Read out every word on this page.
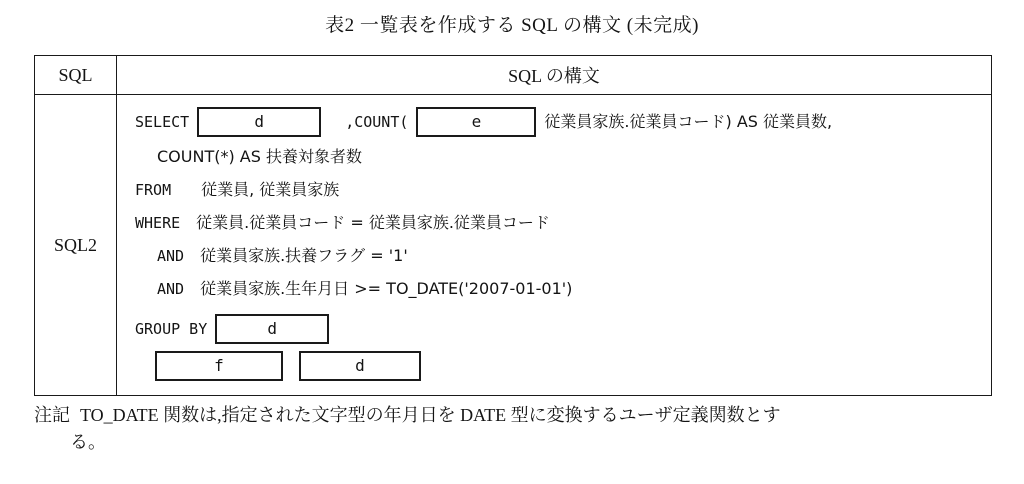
表2 一覧表を作成する SQL の構文 (未完成)
SQL	SQL の構文
SQL2	
SELECT	d	,COUNT(	e	従業員家族.従業員コード) AS 従業員数,
COUNT(*) AS 扶養対象者数
FROM 従業員, 従業員家族
WHERE 従業員.従業員コード = 従業員家族.従業員コード
AND 従業員家族.扶養フラグ = '1'
AND 従業員家族.生年月日 >= TO_DATE('2007-01-01')
GROUP BY	d
f	d
注記 TO_DATE 関数は,指定された文字型の年月日を DATE 型に変換するユーザ定義関数とす
る。
